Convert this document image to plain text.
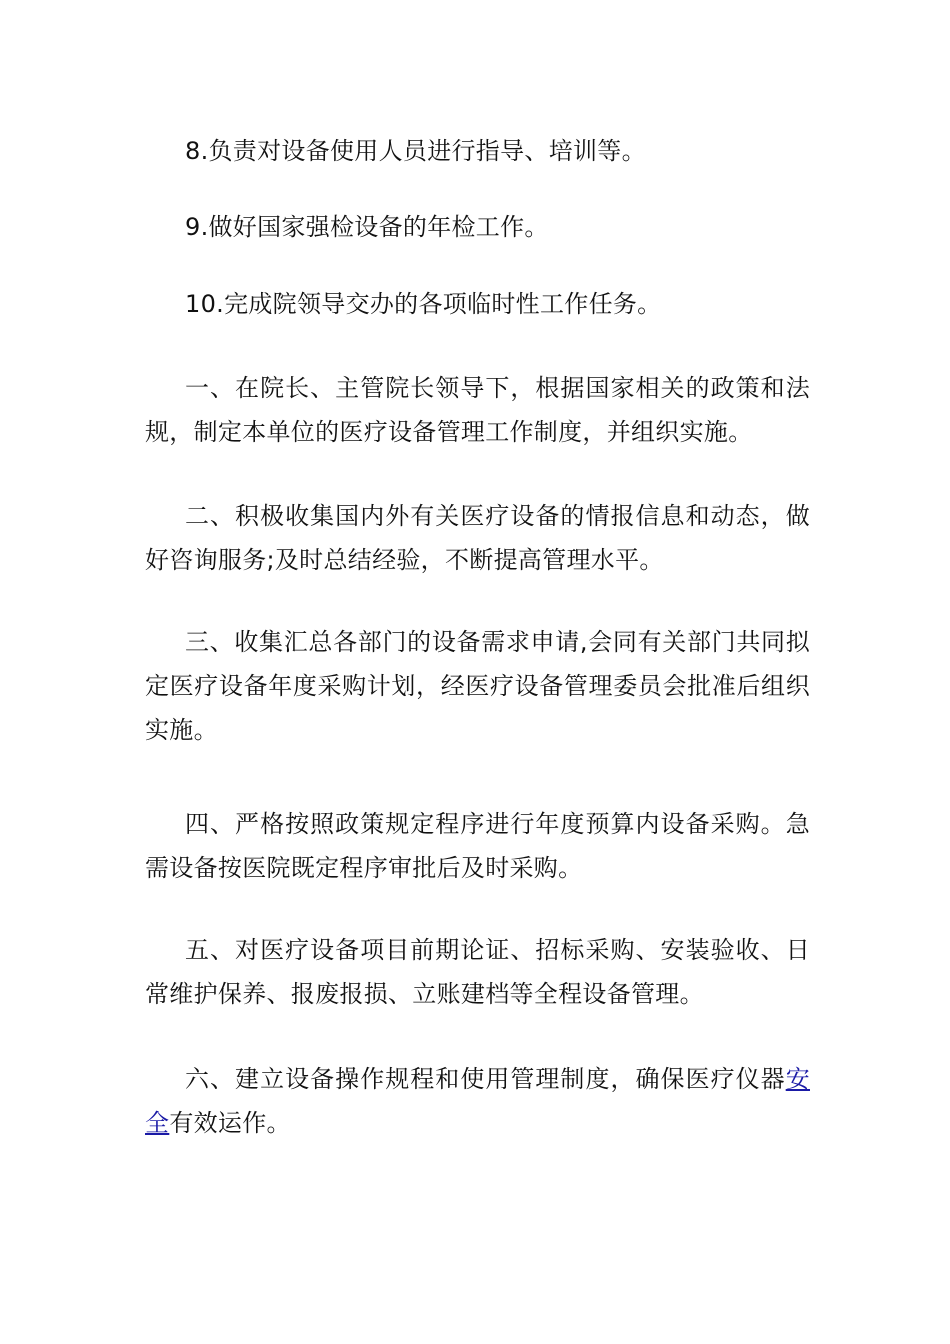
8.负责对设备使用人员进行指导、培训等。

9.做好国家强检设备的年检工作。

10.完成院领导交办的各项临时性工作任务。

一、在院长、主管院长领导下，根据国家相关的政策和法规，制定本单位的医疗设备管理工作制度，并组织实施。

二、积极收集国内外有关医疗设备的情报信息和动态，做好咨询服务;及时总结经验，不断提高管理水平。

三、收集汇总各部门的设备需求申请,会同有关部门共同拟定医疗设备年度采购计划，经医疗设备管理委员会批准后组织实施。

四、严格按照政策规定程序进行年度预算内设备采购。急需设备按医院既定程序审批后及时采购。

五、对医疗设备项目前期论证、招标采购、安装验收、日常维护保养、报废报损、立账建档等全程设备管理。

六、建立设备操作规程和使用管理制度，确保医疗仪器安全有效运作。
